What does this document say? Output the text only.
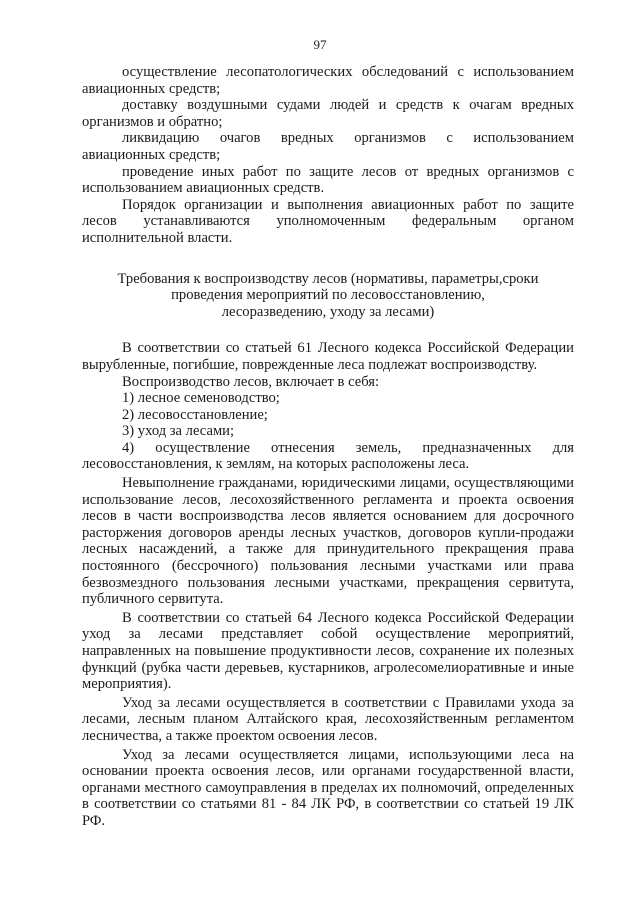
97

осуществление лесопатологических обследований с использованием авиационных средств;

доставку воздушными судами людей и средств к очагам вредных организмов и обратно;

ликвидацию очагов вредных организмов с использованием авиационных средств;

проведение иных работ по защите лесов от вредных организмов с использованием авиационных средств.

Порядок организации и выполнения авиационных работ по защите лесов устанавливаются уполномоченным федеральным органом исполнительной власти.

Требования к воспроизводству лесов (нормативы, параметры,сроки
проведения мероприятий по лесовосстановлению,
лесоразведению, уходу за лесами)

В соответствии со статьей 61 Лесного кодекса Российской Федерации вырубленные, погибшие, поврежденные леса подлежат воспроизводству.

Воспроизводство лесов, включает в себя:

1) лесное семеноводство;

2) лесовосстановление;

3) уход за лесами;

4) осуществление отнесения земель, предназначенных для лесовосстановления, к землям, на которых расположены леса.

Невыполнение гражданами, юридическими лицами, осуществляющими использование лесов, лесохозяйственного регламента и проекта освоения лесов в части воспроизводства лесов является основанием для досрочного расторжения договоров аренды лесных участков, договоров купли-продажи лесных насаждений, а также для принудительного прекращения права постоянного (бессрочного) пользования лесными участками или права безвозмездного пользования лесными участками, прекращения сервитута, публичного сервитута.

В соответствии со статьей 64 Лесного кодекса Российской Федерации уход за лесами представляет собой осуществление мероприятий, направленных на повышение продуктивности лесов, сохранение их полезных функций (рубка части деревьев, кустарников, агролесомелиоративные и иные мероприятия).

Уход за лесами осуществляется в соответствии с Правилами ухода за лесами, лесным планом Алтайского края, лесохозяйственным регламентом лесничества, а также проектом освоения лесов.

Уход за лесами осуществляется лицами, использующими леса на основании проекта освоения лесов, или органами государственной власти, органами местного самоуправления в пределах их полномочий, определенных в соответствии со статьями 81 - 84 ЛК РФ, в соответствии со статьей 19 ЛК РФ.
